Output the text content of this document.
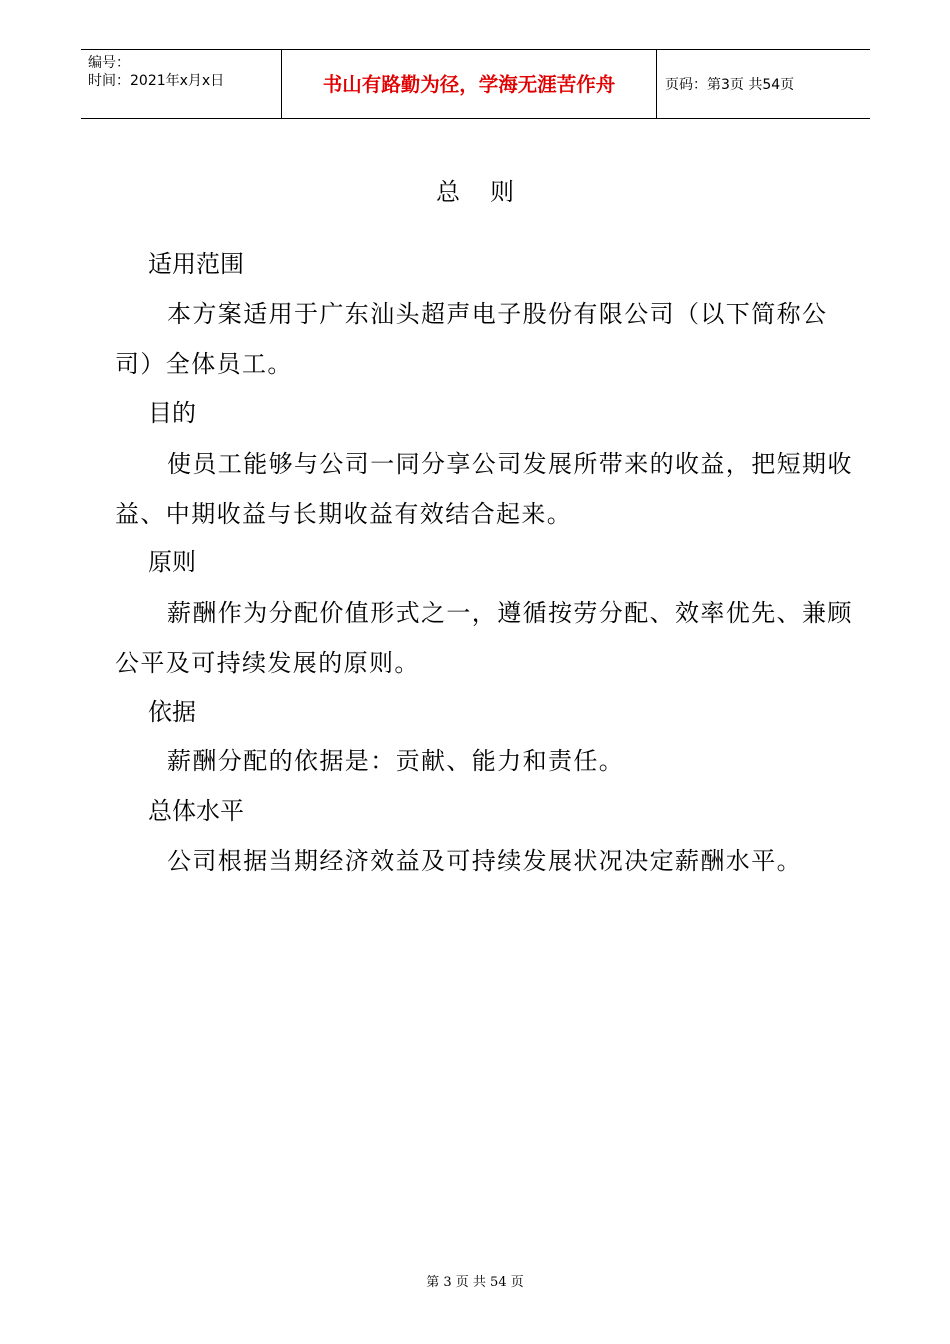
编号：
时间：2021年x月x日	书山有路勤为径，学海无涯苦作舟	页码：第3页 共54页
总则
适用范围
本方案适用于广东汕头超声电子股份有限公司（以下简称公司）全体员工。
目的
使员工能够与公司一同分享公司发展所带来的收益，把短期收益、中期收益与长期收益有效结合起来。
原则
薪酬作为分配价值形式之一，遵循按劳分配、效率优先、兼顾公平及可持续发展的原则。
依据
薪酬分配的依据是：贡献、能力和责任。
总体水平
公司根据当期经济效益及可持续发展状况决定薪酬水平。
第 3 页 共 54 页
